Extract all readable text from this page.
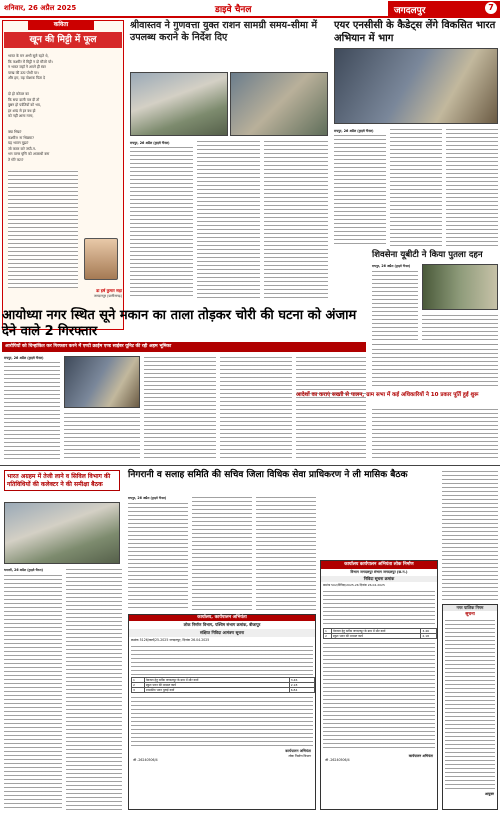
शनिवार, 26 अप्रैल 2025	डाइवे चैनल	जगदलपुर	7
कविता
खून की मिट्टी में फूल
भारत के मन अभी सुरो रहते थे,
कि कश्मीर में मिट्टी न दो मौजो परे।
न भारत जहाँ ने अपने ही स्वर
परख की उठा पोथी पर।
और हम, यह पोशाक पिता दे
दो हो कोपल का
कि सपा दाली पार दी तो
वुष्ठन हो पर्वतियों को भय,
हर शब्द से हर वध हो
को नहीं आना गाना,
क्या भिन्न?
कश्मीर! ना भिन्नमा?
यह भावन मुझ?
जो करार करे जपी-न-
भग वानर घृणि को अपराधी बना
ते गोरे कत?
डा हर्ष कुमार सहा
जगदलपुर (छत्तीसगढ़)
श्रीवास्तव ने गुणवत्ता युक्त राशन सामग्री समय-सीमा में उपलब्ध कराने के निर्देश दिए
रायपुर, 26 अप्रैल (ट्राइवे चैनल)
एयर एनसीसी के कैडेट्स लेंगे विकसित भारत अभियान में भाग
रायपुर, 26 अप्रैल (ट्राइवे चैनल)
शिवसेना यूबीटी ने किया पुतला दहन
रायपुर, 26 अप्रैल (ट्राइवे चैनल)
आयोध्या नगर स्थित सूने मकान का ताला तोड़कर चोरी की घटना को अंजाम देने वाले 2 गिरफ्तार
आरोपियों को चिन्हांकित कर गिरफ्तार करने में एण्टी क्राईम एण्ड साईबर यूनिट की रही अहम भूमिका
रायपुर, 26 अप्रैल (ट्राइवे चैनल)
आदेशों का कराएं सख्ती से पालन, ग्राम सभा में कई अधिकारियों ने 10 प्रकार पूर्ति हुई शुरू
भारत अग्रहम में तेजी लाने व सिविल विभाग की गतिविधियों की कलेक्टर ने की समीक्षा बैठक
धमतरी, 26 अप्रैल (ट्राइवे चैनल)
निगरानी व सलाह समिति की सचिव जिला विधिक सेवा प्राधिकरण ने ली मासिक बैठक
रायपुर, 26 अप्रैल (ट्राइवे चैनल)
कार्यालय, कार्यपालन अभियंता
लोक निर्माण विभाग, पश्चिम संभाग क्रमांक, बीजापुर
संक्षिप्त निविदा आमंत्रण सूचना
क्रमांक 5126/कार्य/25-2025 जगदलपुर, दिनांक 26.04.2025
1	पेयजल हेतु ब्लॉक जगदलपुर के ग्राम में सौर कार्य	3.46
2	स्कूल भवन की मरम्मत कार्य	2.18
3	शासकीय भवन पुताई कार्य	6.84
कार्यपालन अभियंता
लोक निर्माण विभाग
जी -26240506/4
कार्यालय कार्यपालन अभियंता लोक निर्माण
विभाग जगदलपुर संभाग जगदलपुर (छ.ग.)
निविदा सूचना क्रमांक
क्रमांक 502/निविदा/2025-26 दिनांक 26.04.2025
1	पेयजल हेतु ब्लॉक जगदलपुर के ग्राम में सौर कार्य	3.46
2	स्कूल भवन की मरम्मत कार्य	2.18
कार्यपालन अभियंता
जी -26240506/4
नगर पालिक निगम
सूचना
आयुक्त
